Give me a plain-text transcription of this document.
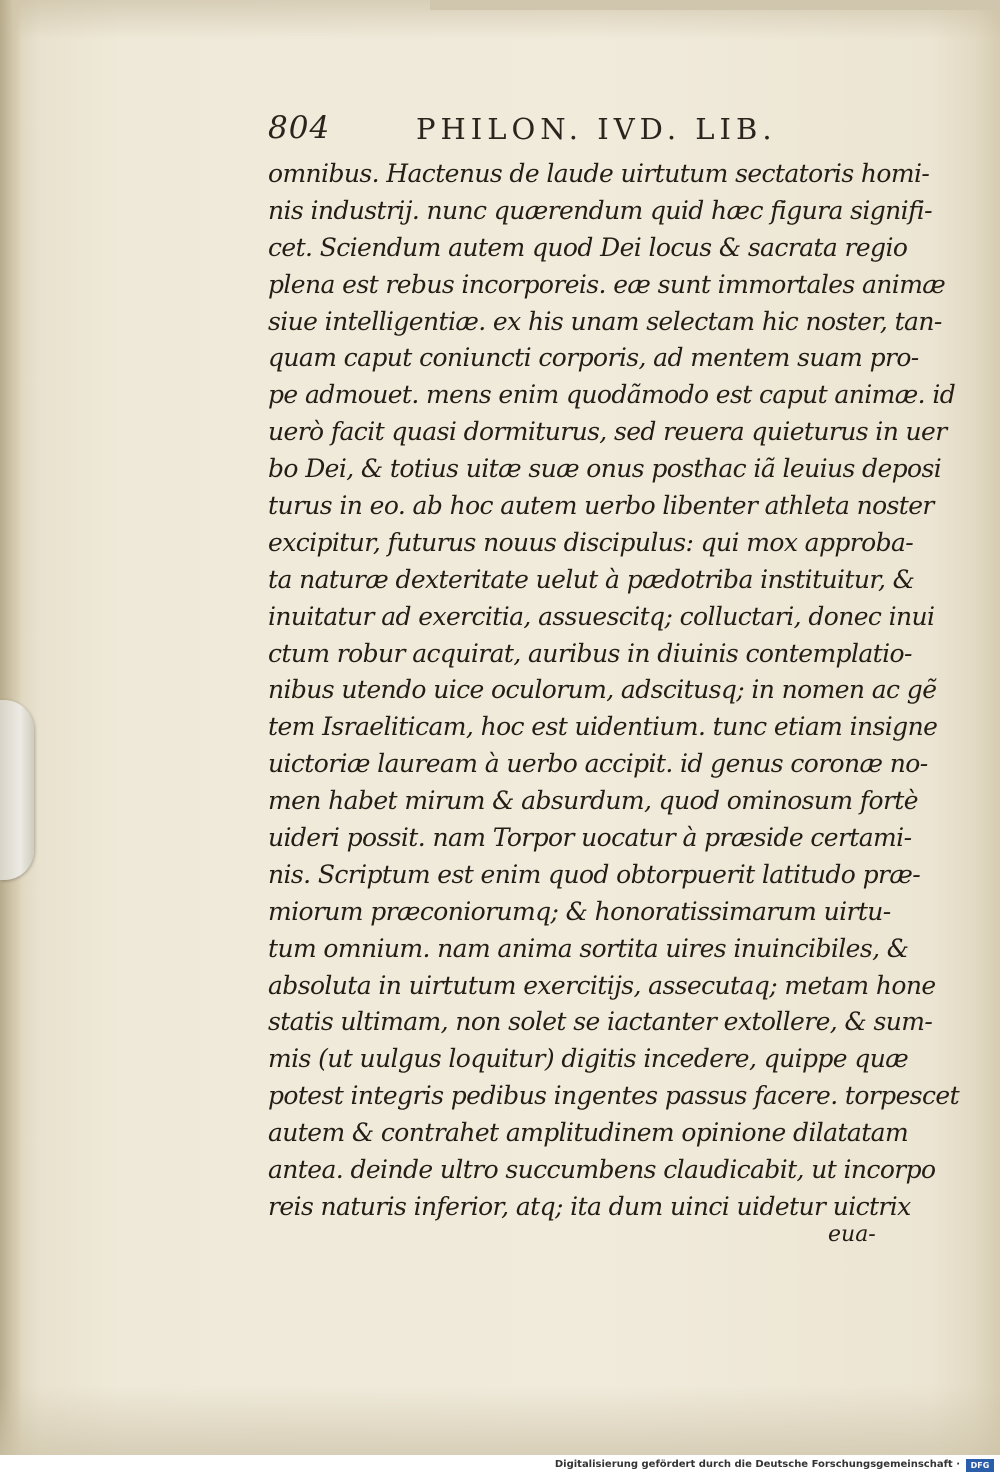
804	PHILON. IVD. LIB.
omnibus. Hactenus de laude uirtutum sectatoris homi-
nis industrij. nunc quærendum quid hæc figura signifi-
cet. Sciendum autem quod Dei locus & sacrata regio
plena est rebus incorporeis. eæ sunt immortales animæ
siue intelligentiæ. ex his unam selectam hic noster, tan-
quam caput coniuncti corporis, ad mentem suam pro-
pe admouet. mens enim quodãmodo est caput animæ. id
uerò facit quasi dormiturus, sed reuera quieturus in uer
bo Dei, & totius uitæ suæ onus posthac iã leuius deposi
turus in eo. ab hoc autem uerbo libenter athleta noster
excipitur, futurus nouus discipulus: qui mox approba-
ta naturæ dexteritate uelut à pædotriba instituitur, &
inuitatur ad exercitia, assuescitq; colluctari, donec inui
ctum robur acquirat, auribus in diuinis contemplatio-
nibus utendo uice oculorum, adscitusq; in nomen ac gẽ
tem Israeliticam, hoc est uidentium. tunc etiam insigne
uictoriæ lauream à uerbo accipit. id genus coronæ no-
men habet mirum & absurdum, quod ominosum fortè
uideri possit. nam Torpor uocatur à præside certami-
nis. Scriptum est enim quod obtorpuerit latitudo præ-
miorum præconiorumq; & honoratissimarum uirtu-
tum omnium. nam anima sortita uires inuincibiles, &
absoluta in uirtutum exercitijs, assecutaq; metam hone
statis ultimam, non solet se iactanter extollere, & sum-
mis (ut uulgus loquitur) digitis incedere, quippe quæ
potest integris pedibus ingentes passus facere. torpescet
autem & contrahet amplitudinem opinione dilatatam
antea. deinde ultro succumbens claudicabit, ut incorpo
reis naturis inferior, atq; ita dum uinci uidetur uictrix
eua-
Digitalisierung gefördert durch die Deutsche Forschungsgemeinschaft ·	DFG
